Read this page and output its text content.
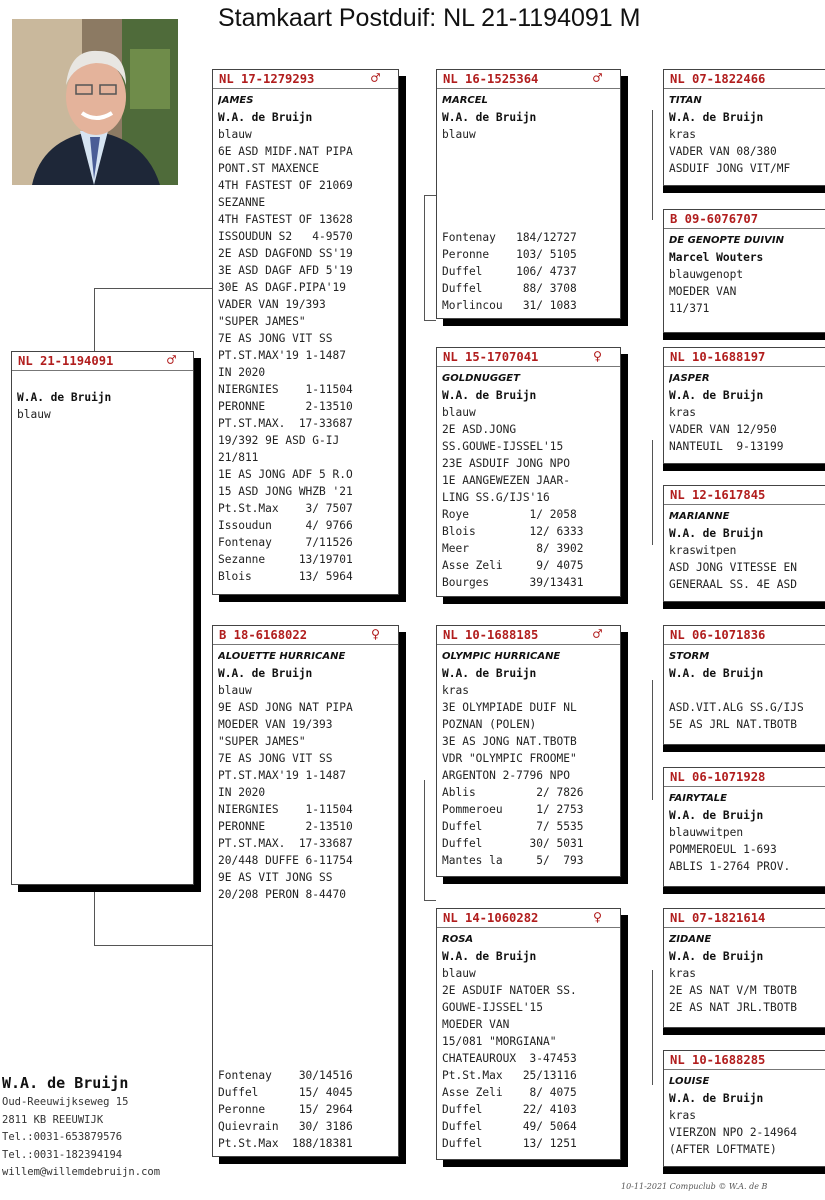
Stamkaart Postduif: NL 21-1194091 M
NL 21-1194091	♂
W.A. de Bruijn
blauw
NL 17-1279293	♂
JAMES
W.A. de Bruijn
blauw
6E ASD MIDF.NAT PIPA
PONT.ST MAXENCE
4TH FASTEST OF 21069
SEZANNE
4TH FASTEST OF 13628
ISSOUDUN S2   4-9570
2E ASD DAGFOND SS'19
3E ASD DAGF AFD 5'19
30E AS DAGF.PIPA'19
VADER VAN 19/393
"SUPER JAMES"
7E AS JONG VIT SS
PT.ST.MAX'19 1-1487
IN 2020
NIERGNIES    1-11504
PERONNE      2-13510
PT.ST.MAX.  17-33687
19/392 9E ASD G-IJ
21/811
1E AS JONG ADF 5 R.O
15 ASD JONG WHZB '21
Pt.St.Max    3/ 7507
Issoudun     4/ 9766
Fontenay     7/11526
Sezanne     13/19701
Blois       13/ 5964
B 18-6168022	♀
ALOUETTE HURRICANE
W.A. de Bruijn
blauw
9E ASD JONG NAT PIPA
MOEDER VAN 19/393
"SUPER JAMES"
7E AS JONG VIT SS
PT.ST.MAX'19 1-1487
IN 2020
NIERGNIES    1-11504
PERONNE      2-13510
PT.ST.MAX.  17-33687
20/448 DUFFE 6-11754
9E AS VIT JONG SS
20/208 PERON 8-4470
Fontenay    30/14516
Duffel      15/ 4045
Peronne     15/ 2964
Quievrain   30/ 3186
Pt.St.Max  188/18381
NL 16-1525364	♂
MARCEL
W.A. de Bruijn
blauw
Fontenay   184/12727
Peronne    103/ 5105
Duffel     106/ 4737
Duffel      88/ 3708
Morlincou   31/ 1083
NL 15-1707041	♀
GOLDNUGGET
W.A. de Bruijn
blauw
2E ASD.JONG
SS.GOUWE-IJSSEL'15
23E ASDUIF JONG NPO
1E AANGEWEZEN JAAR-
LING SS.G/IJS'16
Roye         1/ 2058
Blois        12/ 6333
Meer          8/ 3902
Asse Zeli     9/ 4075
Bourges      39/13431
NL 10-1688185	♂
OLYMPIC HURRICANE
W.A. de Bruijn
kras
3E OLYMPIADE DUIF NL
POZNAN (POLEN)
3E AS JONG NAT.TBOTB
VDR "OLYMPIC FROOME"
ARGENTON 2-7796 NPO
Ablis         2/ 7826
Pommeroeu     1/ 2753
Duffel        7/ 5535
Duffel       30/ 5031
Mantes la     5/  793
NL 14-1060282	♀
ROSA
W.A. de Bruijn
blauw
2E ASDUIF NATOER SS.
GOUWE-IJSSEL'15
MOEDER VAN
15/081 "MORGIANA"
CHATEAUROUX  3-47453
Pt.St.Max   25/13116
Asse Zeli    8/ 4075
Duffel      22/ 4103
Duffel      49/ 5064
Duffel      13/ 1251
NL 07-1822466
TITAN
W.A. de Bruijn
kras
VADER VAN 08/380
ASDUIF JONG VIT/MF
B 09-6076707
DE GENOPTE DUIVIN
Marcel Wouters
blauwgenopt
MOEDER VAN
11/371
NL 10-1688197
JASPER
W.A. de Bruijn
kras
VADER VAN 12/950
NANTEUIL  9-13199
NL 12-1617845
MARIANNE
W.A. de Bruijn
kraswitpen
ASD JONG VITESSE EN
GENERAAL SS. 4E ASD
NL 06-1071836
STORM
W.A. de Bruijn
ASD.VIT.ALG SS.G/IJS
5E AS JRL NAT.TBOTB
NL 06-1071928
FAIRYTALE
W.A. de Bruijn
blauwwitpen
POMMEROEUL 1-693
ABLIS 1-2764 PROV.
NL 07-1821614
ZIDANE
W.A. de Bruijn
kras
2E AS NAT V/M TBOTB
2E AS NAT JRL.TBOTB
NL 10-1688285
LOUISE
W.A. de Bruijn
kras
VIERZON NPO 2-14964
(AFTER LOFTMATE)
W.A. de Bruijn
Oud-Reeuwijkseweg 15
2811 KB REEUWIJK
Tel.:0031-653879576
Tel.:0031-182394194
willem@willemdebruijn.com
10-11-2021 Compuclub © W.A. de B
